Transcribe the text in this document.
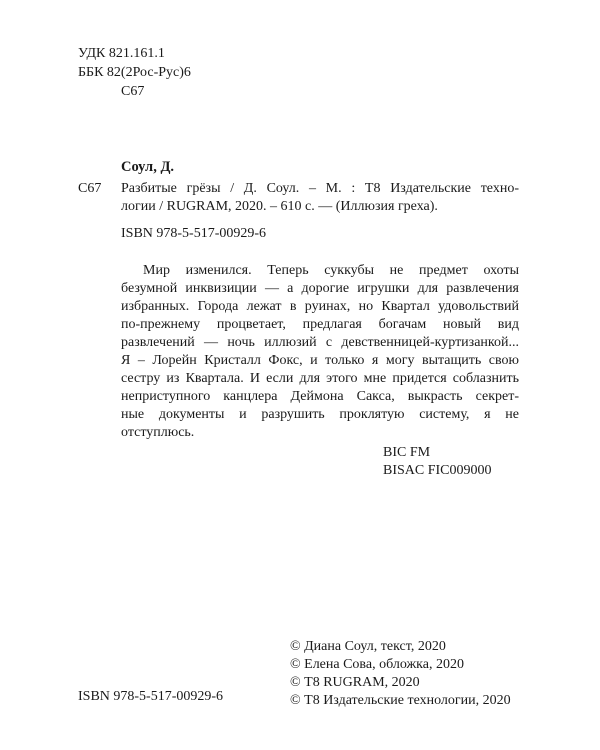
УДК 821.161.1
ББК 82(2Рос-Рус)6
С67
Соул, Д.
С67 Разбитые грёзы / Д. Соул. – М. : Т8 Издательские техно-
логии / RUGRAM, 2020. – 610 с. — (Иллюзия греха).
ISBN 978-5-517-00929-6
Мир изменился. Теперь суккубы не предмет охоты
безумной инквизиции — а дорогие игрушки для развлечения
избранных. Города лежат в руинах, но Квартал удовольствий
по-прежнему процветает, предлагая богачам новый вид
развлечений — ночь иллюзий с девственницей-куртизанкой...
Я – Лорейн Кристалл Фокс, и только я могу вытащить свою
сестру из Квартала. И если для этого мне придется соблазнить
неприступного канцлера Деймона Сакса, выкрасть секрет-
ные документы и разрушить проклятую систему, я не
отступлюсь.
BIC FM
BISAC FIC009000
ISBN 978-5-517-00929-6
© Диана Соул, текст, 2020
© Елена Сова, обложка, 2020
© Т8 RUGRAM, 2020
© Т8 Издательские технологии, 2020
